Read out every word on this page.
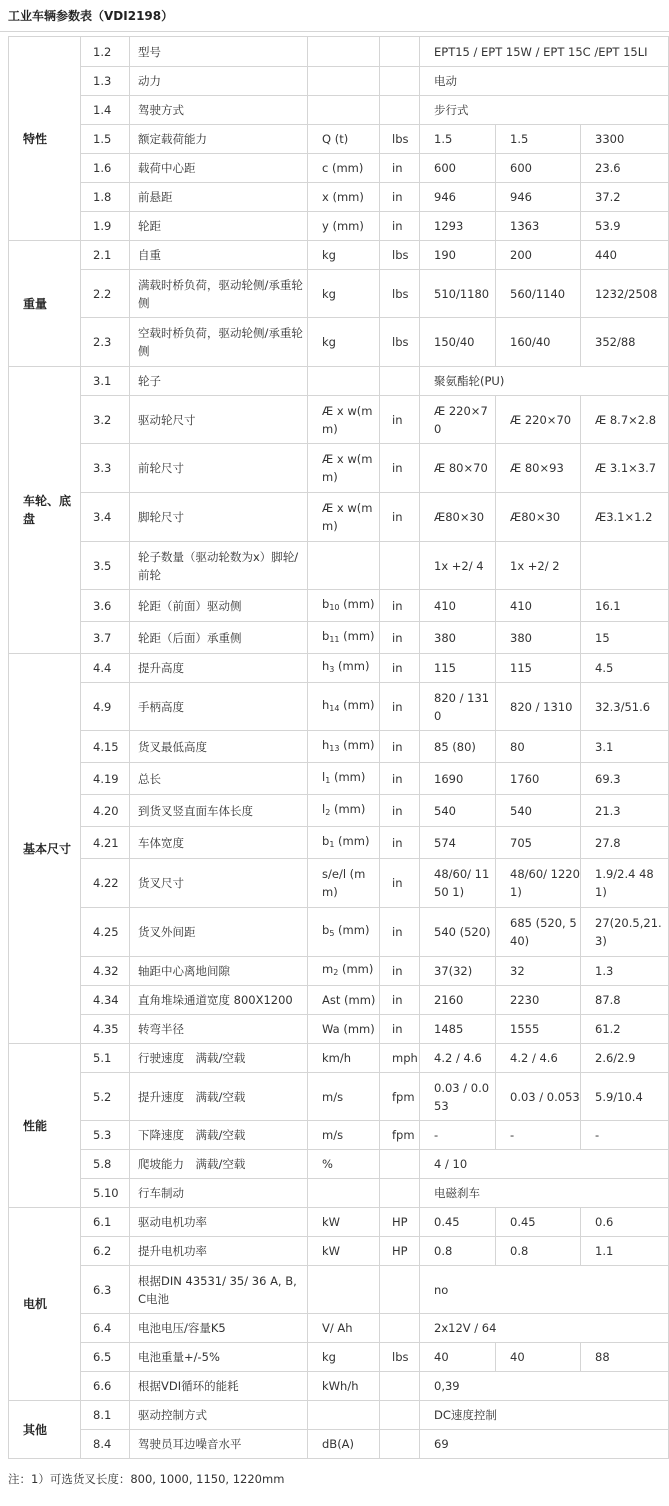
工业车辆参数表（VDI2198）
特性	1.2	型号			EPT15 / EPT 15W / EPT 15C /EPT 15LI		
	1.3	动力			电动		
	1.4	驾驶方式			步行式		
	1.5	额定载荷能力	Q (t)	lbs	1.5	1.5	3300
	1.6	载荷中心距	c (mm)	in	600	600	23.6
	1.8	前悬距	x (mm)	in	946	946	37.2
	1.9	轮距	y (mm)	in	1293	1363	53.9
重量	2.1	自重	kg	lbs	190	200	440
	2.2	满载时桥负荷，驱动轮侧/承重轮侧	kg	lbs	510/1180	560/1140	1232/2508
	2.3	空载时桥负荷，驱动轮侧/承重轮侧	kg	lbs	150/40	160/40	352/88
车轮、底盘	3.1	轮子			聚氨酯轮(PU)		
	3.2	驱动轮尺寸	Æ x w(mm)	in	Æ 220×70	Æ 220×70	Æ 8.7×2.8
	3.3	前轮尺寸	Æ x w(mm)	in	Æ 80×70	Æ 80×93	Æ 3.1×3.7
	3.4	脚轮尺寸	Æ x w(mm)	in	Æ80×30	Æ80×30	Æ3.1×1.2
	3.5	轮子数量（驱动轮数为x）脚轮/前轮			1x +2/ 4	1x +2/ 2	
	3.6	轮距（前面）驱动侧	$b_{10}$ (mm)	in	410	410	16.1
	3.7	轮距（后面）承重侧	$b_{11}$ (mm)	in	380	380	15
基本尺寸	4.4	提升高度	$h_3$ (mm)	in	115	115	4.5
	4.9	手柄高度	$h_{14}$ (mm)	in	820 / 1310	820 / 1310	32.3/51.6
	4.15	货叉最低高度	$h_{13}$ (mm)	in	85 (80)	80	3.1
	4.19	总长	$l_1$ (mm)	in	1690	1760	69.3
	4.20	到货叉竖直面车体长度	$l_2$ (mm)	in	540	540	21.3
	4.21	车体宽度	$b_1$ (mm)	in	574	705	27.8
	4.22	货叉尺寸	s/e/l (mm)	in	48/60/ 1150 1)	48/60/ 1220 1)	1.9/2.4 48 1)
	4.25	货叉外间距	$b_5$ (mm)	in	540 (520)	685 (520, 540)	27(20.5,21.3)
	4.32	轴距中心离地间隙	$m_2$ (mm)	in	37(32)	32	1.3
	4.34	直角堆垛通道宽度 800X1200	Ast (mm)	in	2160	2230	87.8
	4.35	转弯半径	Wa (mm)	in	1485	1555	61.2
性能	5.1	行驶速度　满载/空载	km/h	mph	4.2 / 4.6	4.2 / 4.6	2.6/2.9
	5.2	提升速度　满载/空载	m/s	fpm	0.03 / 0.053	0.03 / 0.053	5.9/10.4
	5.3	下降速度　满载/空载	m/s	fpm	-	-	-
	5.8	爬坡能力　满载/空载	%		4 / 10		
	5.10	行车制动			电磁刹车		
电机	6.1	驱动电机功率	kW	HP	0.45	0.45	0.6
	6.2	提升电机功率	kW	HP	0.8	0.8	1.1
	6.3	根据DIN 43531/ 35/ 36 A, B, C电池			no		
	6.4	电池电压/容量K5	V/ Ah		2x12V / 64		
	6.5	电池重量+/-5%	kg	lbs	40	40	88
	6.6	根据VDI循环的能耗	kWh/h		0,39		
其他	8.1	驱动控制方式			DC速度控制		
	8.4	驾驶员耳边噪音水平	dB(A)		69		
注：1）可选货叉长度：800, 1000, 1150, 1220mm
